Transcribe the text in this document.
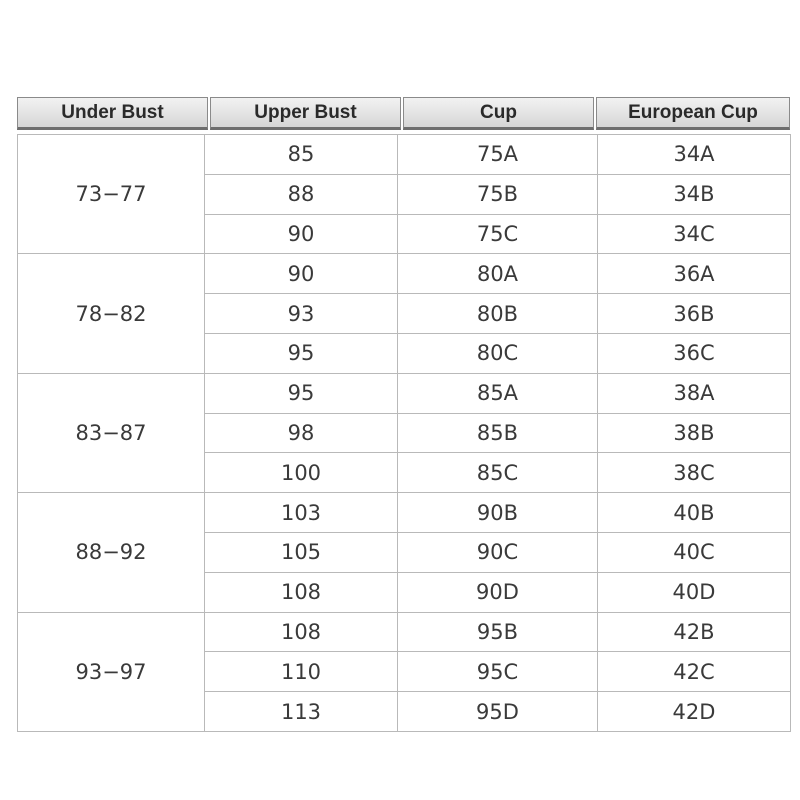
Under Bust	Upper Bust	Cup	European Cup
73−77	85	75A	34A
	88	75B	34B
	90	75C	34C
78−82	90	80A	36A
	93	80B	36B
	95	80C	36C
83−87	95	85A	38A
	98	85B	38B
	100	85C	38C
88−92	103	90B	40B
	105	90C	40C
	108	90D	40D
93−97	108	95B	42B
	110	95C	42C
	113	95D	42D
